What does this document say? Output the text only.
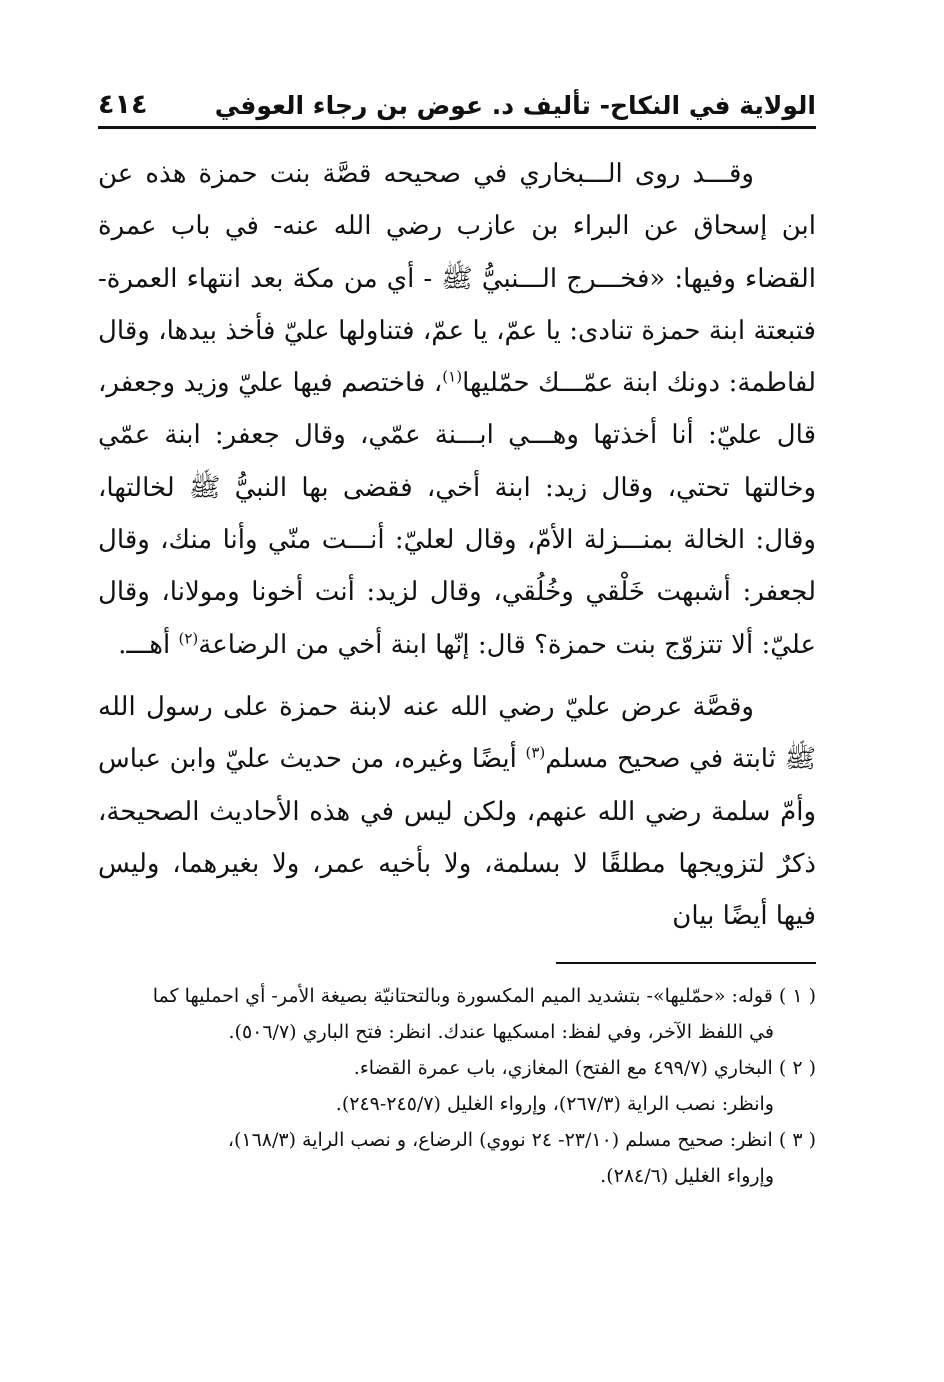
الولاية في النكاح- تأليف د. عوض بن رجاء العوفي
٤١٤

وقـــد روى الـــبخاري في صحيحه قصَّة بنت حمزة هذه عن ابن إسحاق عن البراء بن عازب رضي الله عنه- في باب عمرة القضاء وفيها: «فخـــرج الـــنبيُّ ﷺ - أي من مكة بعد انتهاء العمرة- فتبعتة ابنة حمزة تنادى: يا عمّ، يا عمّ، فتناولها عليّ فأخذ بيدها، وقال لفاطمة: دونك ابنة عمّـــك حمّليها$^{(١)}$، فاختصم فيها عليّ وزيد وجعفر، قال عليّ: أنا أخذتها وهـــي ابـــنة عمّي، وقال جعفر: ابنة عمّي وخالتها تحتي، وقال زيد: ابنة أخي، فقضى بها النبيُّ ﷺ لخالتها، وقال: الخالة بمنـــزلة الأمّ، وقال لعليّ: أنـــت منّي وأنا منك، وقال لجعفر: أشبهت خَلْقي وخُلُقي، وقال لزيد: أنت أخونا ومولانا، وقال عليّ: ألا تتزوّج بنت حمزة؟ قال: إنّها ابنة أخي من الرضاعة$^{(٢)}$ أهـــ.

وقصَّة عرض عليّ رضي الله عنه لابنة حمزة على رسول الله ﷺ ثابتة في صحيح مسلم$^{(٣)}$ أيضًا وغيره، من حديث عليّ وابن عباس وأمّ سلمة رضي الله عنهم، ولكن ليس في هذه الأحاديث الصحيحة، ذكرٌ لتزويجها مطلقًا لا بسلمة، ولا بأخيه عمر، ولا بغيرهما، وليس فيها أيضًا بيان

( ١ ) قوله: «حمّليها»- بتشديد الميم المكسورة وبالتحتانيّة بصيغة الأمر- أي احمليها كما

في اللفظ الآخر، وفي لفظ: امسكيها عندك. انظر: فتح الباري (٥٠٦/٧).

( ٢ ) البخاري (٤٩٩/٧ مع الفتح) المغازي، باب عمرة القضاء.

وانظر: نصب الراية (٢٦٧/٣)، وإرواء الغليل (٢٤٥/٧-٢٤٩).

( ٣ ) انظر: صحيح مسلم (٢٣/١٠- ٢٤ نووي) الرضاع، و نصب الراية (١٦٨/٣)،

وإرواء الغليل (٢٨٤/٦).
